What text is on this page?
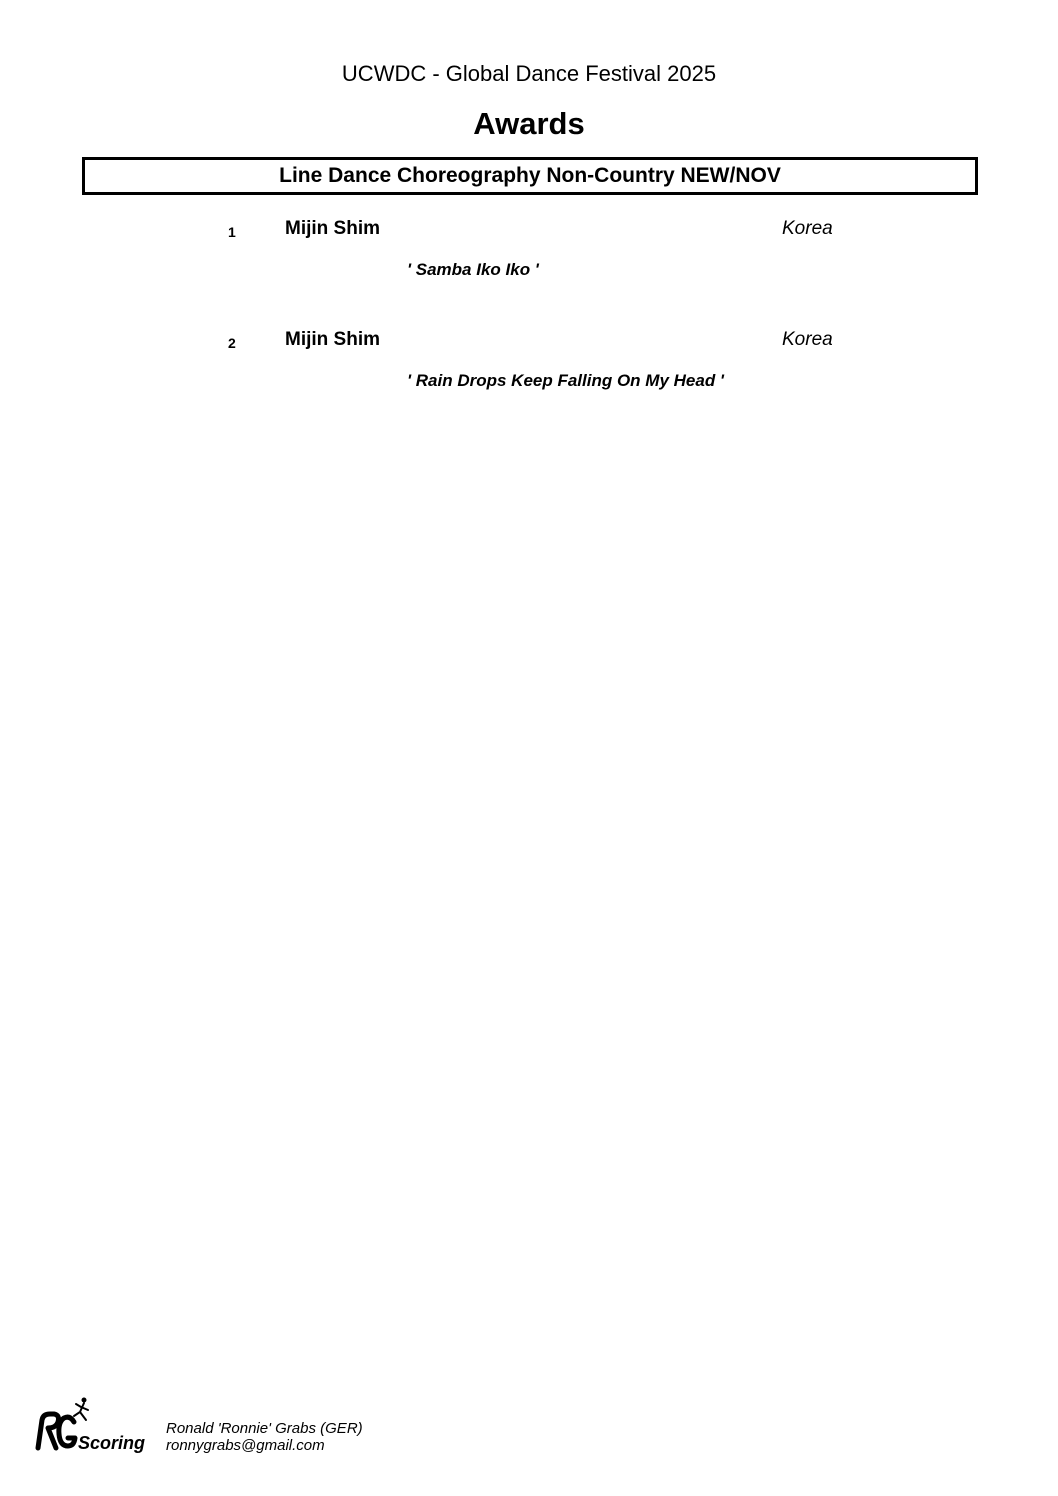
UCWDC - Global Dance Festival 2025
Awards
Line Dance Choreography Non-Country NEW/NOV
1	Mijin Shim	Korea
' Samba Iko Iko '
2	Mijin Shim	Korea
' Rain Drops Keep Falling On My Head '
Scoring
Ronald 'Ronnie' Grabs (GER)
ronnygrabs@gmail.com
